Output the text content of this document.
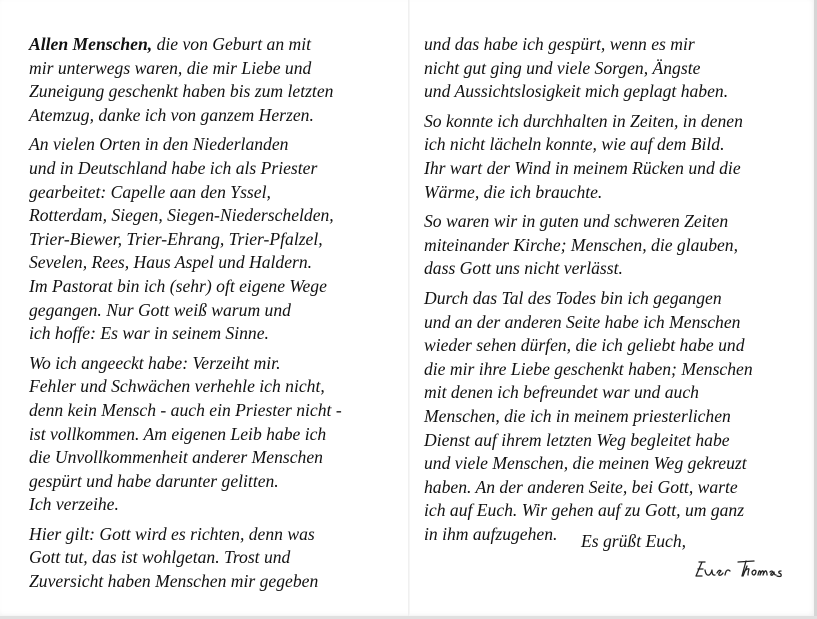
Allen Menschen, die von Geburt an mit
mir unterwegs waren, die mir Liebe und
Zuneigung geschenkt haben bis zum letzten
Atemzug, danke ich von ganzem Herzen.
An vielen Orten in den Niederlanden
und in Deutschland habe ich als Priester
gearbeitet: Capelle aan den Yssel,
Rotterdam, Siegen, Siegen-Niederschelden,
Trier-Biewer, Trier-Ehrang, Trier-Pfalzel,
Sevelen, Rees, Haus Aspel und Haldern.
Im Pastorat bin ich (sehr) oft eigene Wege
gegangen. Nur Gott weiß warum und
ich hoffe: Es war in seinem Sinne.
Wo ich angeeckt habe: Verzeiht mir.
Fehler und Schwächen verhehle ich nicht,
denn kein Mensch - auch ein Priester nicht -
ist vollkommen. Am eigenen Leib habe ich
die Unvollkommenheit anderer Menschen
gespürt und habe darunter gelitten.
Ich verzeihe.
Hier gilt: Gott wird es richten, denn was
Gott tut, das ist wohlgetan. Trost und
Zuversicht haben Menschen mir gegeben
und das habe ich gespürt, wenn es mir
nicht gut ging und viele Sorgen, Ängste
und Aussichtslosigkeit mich geplagt haben.
So konnte ich durchhalten in Zeiten, in denen
ich nicht lächeln konnte, wie auf dem Bild.
Ihr wart der Wind in meinem Rücken und die
Wärme, die ich brauchte.
So waren wir in guten und schweren Zeiten
miteinander Kirche; Menschen, die glauben,
dass Gott uns nicht verlässt.
Durch das Tal des Todes bin ich gegangen
und an der anderen Seite habe ich Menschen
wieder sehen dürfen, die ich geliebt habe und
die mir ihre Liebe geschenkt haben; Menschen
mit denen ich befreundet war und auch
Menschen, die ich in meinem priesterlichen
Dienst auf ihrem letzten Weg begleitet habe
und viele Menschen, die meinen Weg gekreuzt
haben. An der anderen Seite, bei Gott, warte
ich auf Euch. Wir gehen auf zu Gott, um ganz
in ihm aufzugehen.	Es grüßt Euch,
